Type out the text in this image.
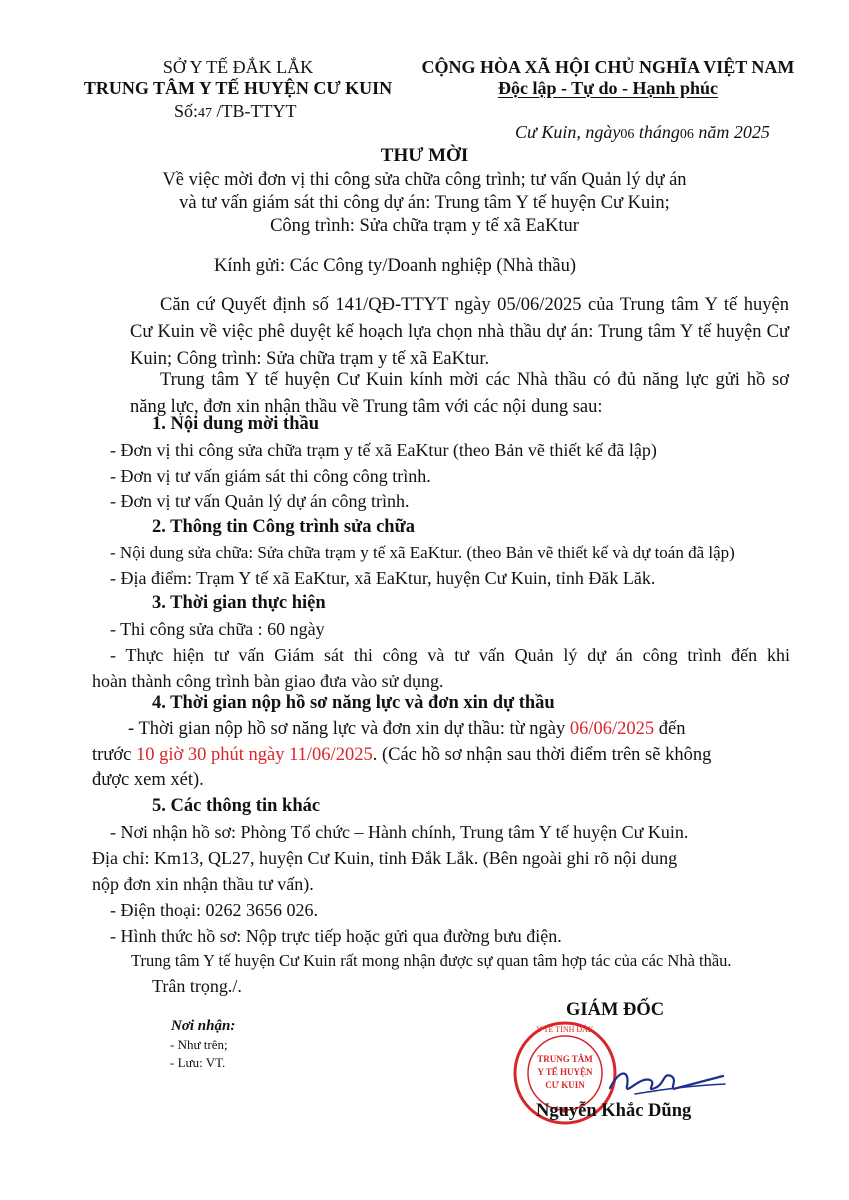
SỞ Y TẾ ĐẮK LẮK
TRUNG TÂM Y TẾ HUYỆN CƯ KUIN
Số:47 /TB-TTYT
CỘNG HÒA XÃ HỘI CHỦ NGHĨA VIỆT NAM
Độc lập - Tự do - Hạnh phúc
Cư Kuin, ngày06 tháng06 năm 2025
THƯ MỜI
Về việc mời đơn vị thi công sửa chữa công trình; tư vấn Quản lý dự án
và tư vấn giám sát thi công dự án: Trung tâm Y tế huyện Cư Kuin;
Công trình: Sửa chữa trạm y tế xã EaKtur
Kính gửi: Các Công ty/Doanh nghiệp (Nhà thầu)
Căn cứ Quyết định số 141/QĐ-TTYT ngày 05/06/2025 của Trung tâm Y tế huyện Cư Kuin về việc phê duyệt kế hoạch lựa chọn nhà thầu dự án: Trung tâm Y tế huyện Cư Kuin; Công trình: Sửa chữa trạm y tế xã EaKtur.
Trung tâm Y tế huyện Cư Kuin kính mời các Nhà thầu có đủ năng lực gửi hồ sơ năng lực, đơn xin nhận thầu về Trung tâm với các nội dung sau:
1. Nội dung mời thầu
- Đơn vị thi công sửa chữa trạm y tế xã EaKtur (theo Bản vẽ thiết kế đã lập)
- Đơn vị tư vấn giám sát thi công công trình.
- Đơn vị tư vấn Quản lý dự án công trình.
2. Thông tin Công trình sửa chữa
- Nội dung sửa chữa: Sửa chữa trạm y tế xã EaKtur. (theo Bản vẽ thiết kế và dự toán đã lập)
- Địa điểm: Trạm Y tế xã EaKtur, xã EaKtur, huyện Cư Kuin, tỉnh Đăk Lăk.
3. Thời gian thực hiện
- Thi công sửa chữa : 60 ngày
- Thực hiện tư vấn Giám sát thi công và tư vấn Quản lý dự án công trình đến khi
hoàn thành công trình bàn giao đưa vào sử dụng.
4. Thời gian nộp hồ sơ năng lực và đơn xin dự thầu
- Thời gian nộp hồ sơ năng lực và đơn xin dự thầu: từ ngày 06/06/2025 đến
trước 10 giờ 30 phút ngày 11/06/2025. (Các hồ sơ nhận sau thời điểm trên sẽ không
được xem xét).
5. Các thông tin khác
- Nơi nhận hồ sơ: Phòng Tổ chức – Hành chính, Trung tâm Y tế huyện Cư Kuin.
Địa chỉ: Km13, QL27, huyện Cư Kuin, tỉnh Đắk Lắk. (Bên ngoài ghi rõ nội dung
nộp đơn xin nhận thầu tư vấn).
- Điện thoại: 0262 3656 026.
- Hình thức hồ sơ: Nộp trực tiếp hoặc gửi qua đường bưu điện.
Trung tâm Y tế huyện Cư Kuin rất mong nhận được sự quan tâm hợp tác của các Nhà thầu.
Trân trọng./.
Nơi nhận:
- Như trên;
- Lưu: VT.
GIÁM ĐỐC
Y TẾ TỈNH ĐẮK
TRUNG TÂM
Y TẾ HUYỆN
CƯ KUIN
Nguyễn Khắc Dũng
